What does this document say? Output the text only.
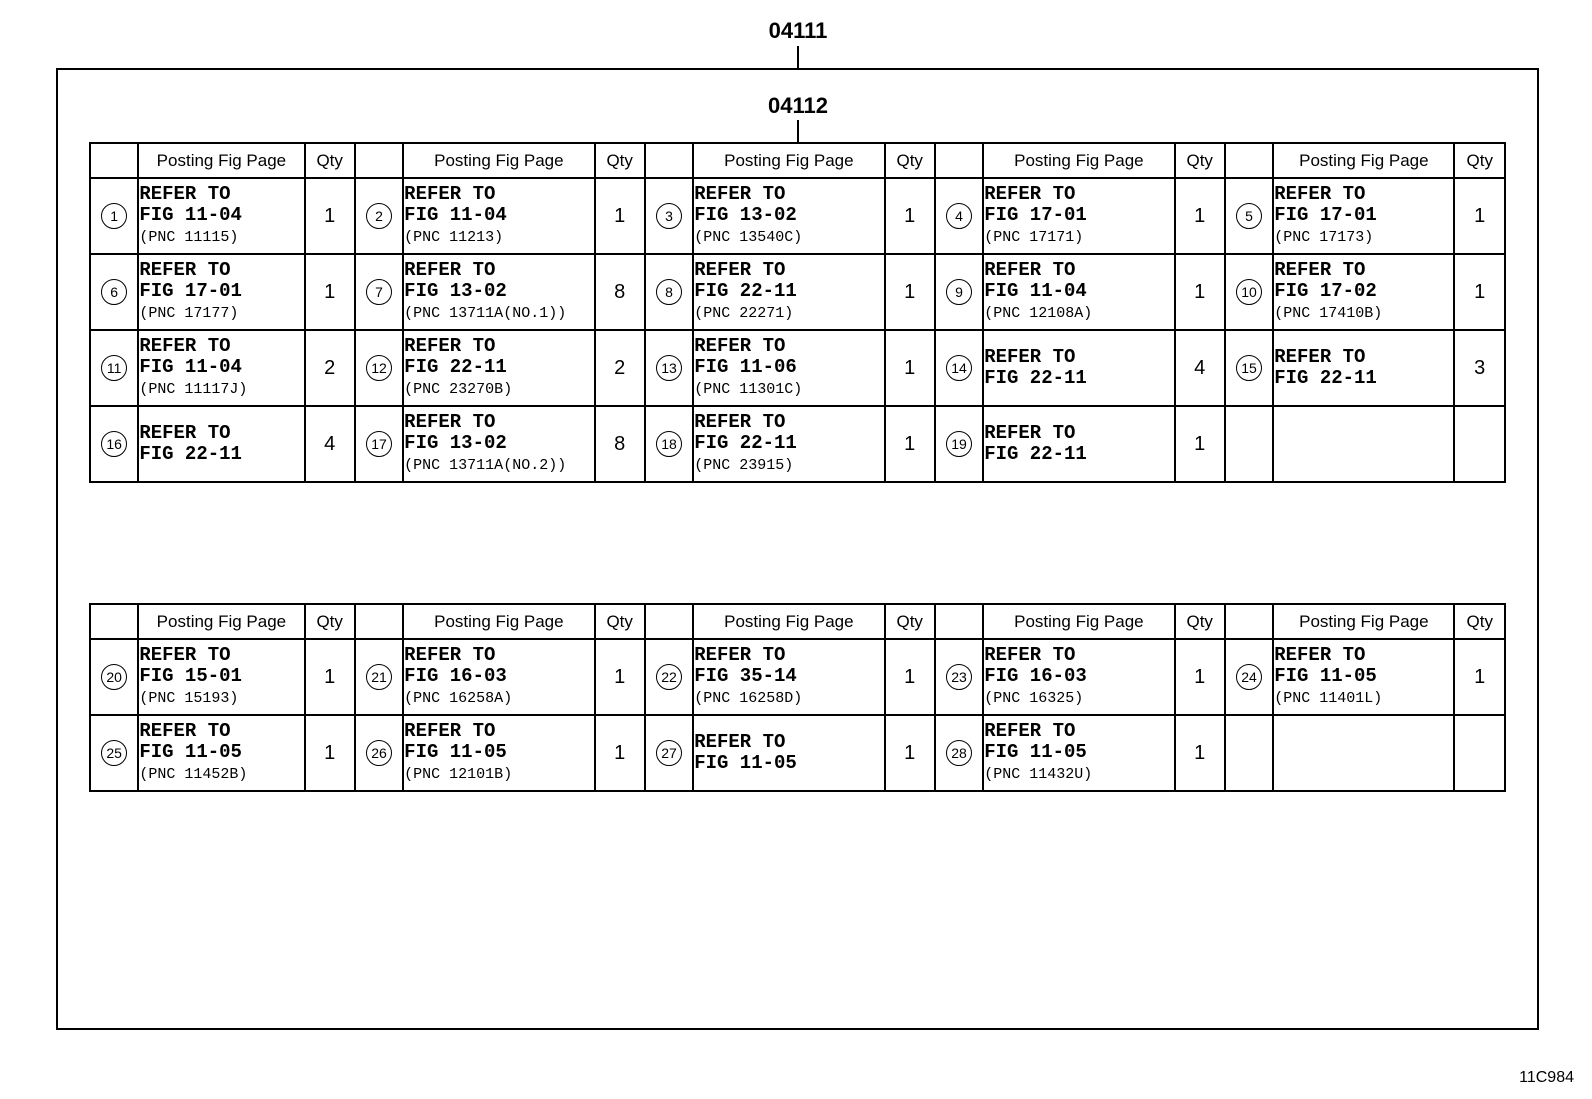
04111
04112
	Posting Fig Page	Qty		Posting Fig Page	Qty		Posting Fig Page	Qty		Posting Fig Page	Qty		Posting Fig Page	Qty
1	REFER TO
FIG 11-04
(PNC 11115)	1	2	REFER TO
FIG 11-04
(PNC 11213)	1	3	REFER TO
FIG 13-02
(PNC 13540C)	1	4	REFER TO
FIG 17-01
(PNC 17171)	1	5	REFER TO
FIG 17-01
(PNC 17173)	1
6	REFER TO
FIG 17-01
(PNC 17177)	1	7	REFER TO
FIG 13-02
(PNC 13711A(NO.1))	8	8	REFER TO
FIG 22-11
(PNC 22271)	1	9	REFER TO
FIG 11-04
(PNC 12108A)	1	10	REFER TO
FIG 17-02
(PNC 17410B)	1
11	REFER TO
FIG 11-04
(PNC 11117J)	2	12	REFER TO
FIG 22-11
(PNC 23270B)	2	13	REFER TO
FIG 11-06
(PNC 11301C)	1	14	REFER TO
FIG 22-11	4	15	REFER TO
FIG 22-11	3
16	REFER TO
FIG 22-11	4	17	REFER TO
FIG 13-02
(PNC 13711A(NO.2))	8	18	REFER TO
FIG 22-11
(PNC 23915)	1	19	REFER TO
FIG 22-11	1			
	Posting Fig Page	Qty		Posting Fig Page	Qty		Posting Fig Page	Qty		Posting Fig Page	Qty		Posting Fig Page	Qty
20	REFER TO
FIG 15-01
(PNC 15193)	1	21	REFER TO
FIG 16-03
(PNC 16258A)	1	22	REFER TO
FIG 35-14
(PNC 16258D)	1	23	REFER TO
FIG 16-03
(PNC 16325)	1	24	REFER TO
FIG 11-05
(PNC 11401L)	1
25	REFER TO
FIG 11-05
(PNC 11452B)	1	26	REFER TO
FIG 11-05
(PNC 12101B)	1	27	REFER TO
FIG 11-05	1	28	REFER TO
FIG 11-05
(PNC 11432U)	1			
11C984
